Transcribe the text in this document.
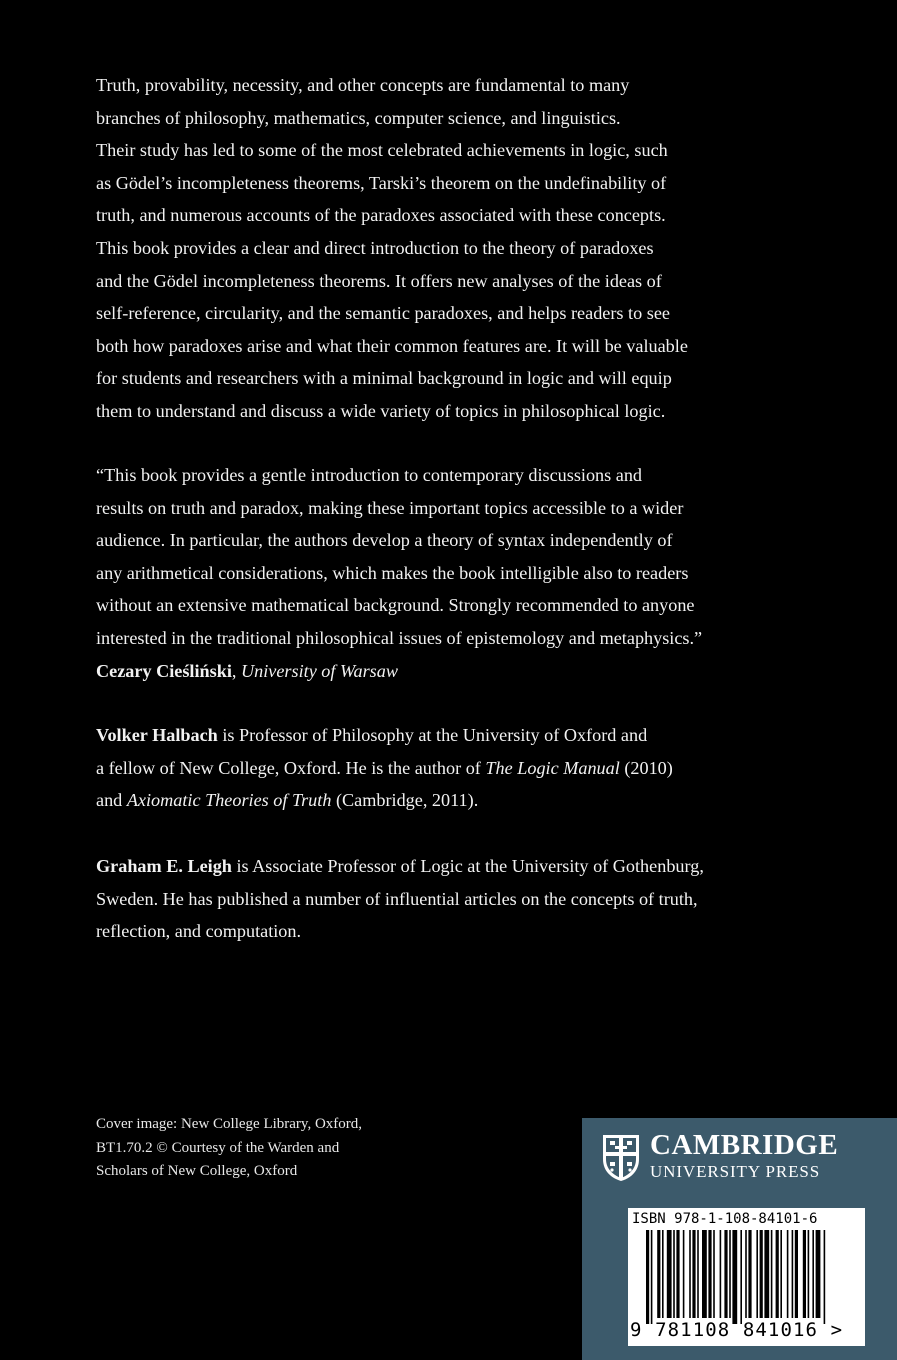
Truth, provability, necessity, and other concepts are fundamental to many
branches of philosophy, mathematics, computer science, and linguistics.
Their study has led to some of the most celebrated achievements in logic, such
as Gödel’s incompleteness theorems, Tarski’s theorem on the undefinability of
truth, and numerous accounts of the paradoxes associated with these concepts.
This book provides a clear and direct introduction to the theory of paradoxes
and the Gödel incompleteness theorems. It offers new analyses of the ideas of
self-reference, circularity, and the semantic paradoxes, and helps readers to see
both how paradoxes arise and what their common features are. It will be valuable
for students and researchers with a minimal background in logic and will equip
them to understand and discuss a wide variety of topics in philosophical logic.
“This book provides a gentle introduction to contemporary discussions and
results on truth and paradox, making these important topics accessible to a wider
audience. In particular, the authors develop a theory of syntax independently of
any arithmetical considerations, which makes the book intelligible also to readers
without an extensive mathematical background. Strongly recommended to anyone
interested in the traditional philosophical issues of epistemology and metaphysics.”
Cezary Cieśliński, University of Warsaw
Volker Halbach is Professor of Philosophy at the University of Oxford and
a fellow of New College, Oxford. He is the author of The Logic Manual (2010)
and Axiomatic Theories of Truth (Cambridge, 2011).
Graham E. Leigh is Associate Professor of Logic at the University of Gothenburg,
Sweden. He has published a number of influential articles on the concepts of truth,
reflection, and computation.
Cover image: New College Library, Oxford,
BT1.70.2 © Courtesy of the Warden and
Scholars of New College, Oxford
CAMBRIDGE
UNIVERSITY PRESS
ISBN 978-1-108-84101-6
9 781108 841016 >
